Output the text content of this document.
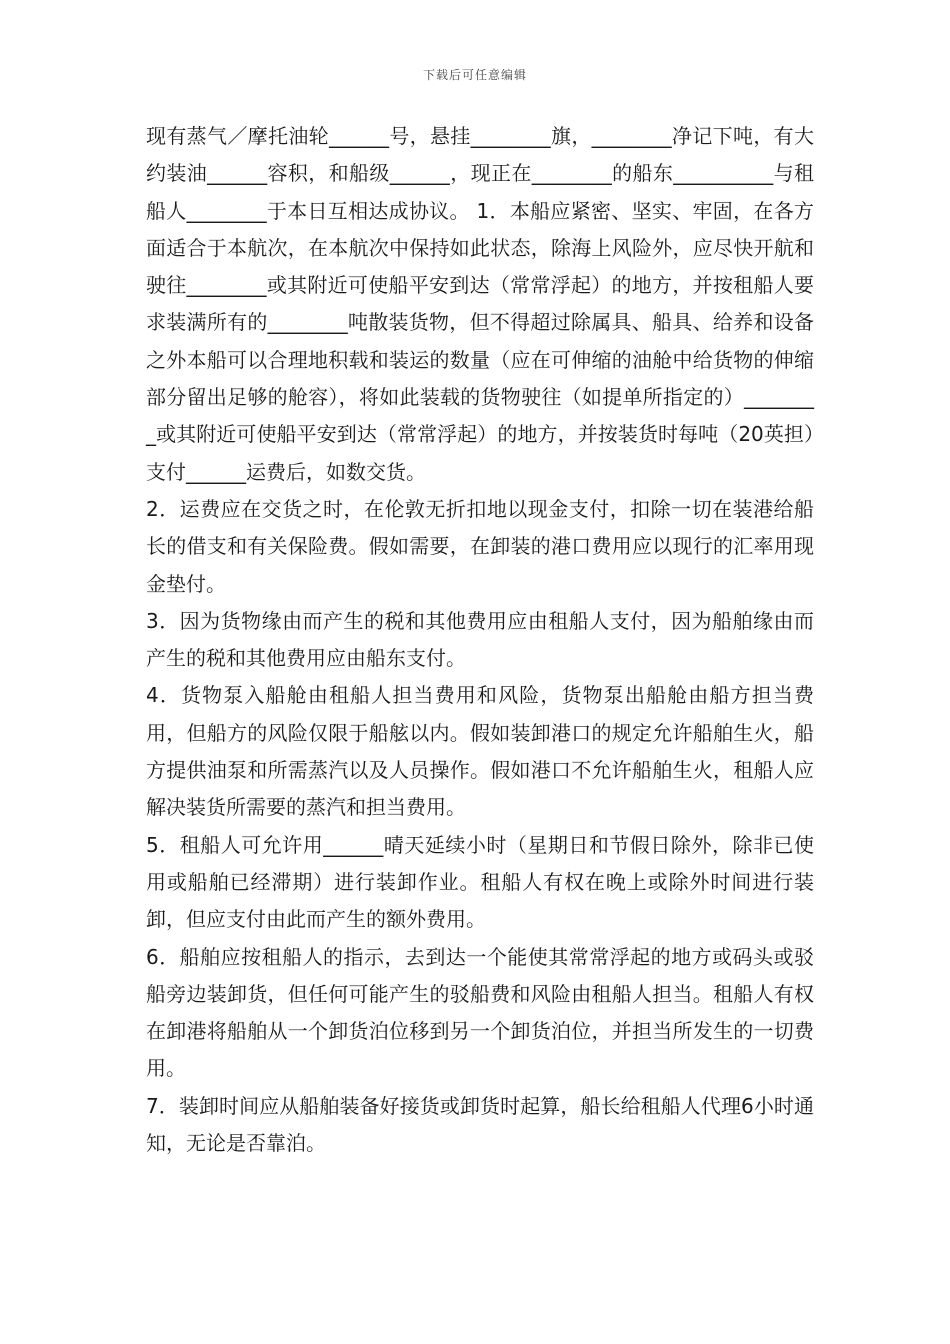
下载后可任意编辑

现有蒸气／摩托油轮______号，悬挂________旗，________净记下吨，有大约装油______容积，和船级______，现正在________的船东__________与租船人________于本日互相达成协议。 1．本船应紧密、坚实、牢固，在各方面适合于本航次，在本航次中保持如此状态，除海上风险外，应尽快开航和驶往________或其附近可使船平安到达（常常浮起）的地方，并按租船人要求装满所有的________吨散装货物，但不得超过除属具、船具、给养和设备之外本船可以合理地积载和装运的数量（应在可伸缩的油舱中给货物的伸缩部分留出足够的舱容），将如此装载的货物驶往（如提单所指定的）________或其附近可使船平安到达（常常浮起）的地方，并按装货时每吨（20英担）支付______运费后，如数交货。

2．运费应在交货之时，在伦敦无折扣地以现金支付，扣除一切在装港给船长的借支和有关保险费。假如需要，在卸装的港口费用应以现行的汇率用现金垫付。

3．因为货物缘由而产生的税和其他费用应由租船人支付，因为船舶缘由而产生的税和其他费用应由船东支付。

4．货物泵入船舱由租船人担当费用和风险，货物泵出船舱由船方担当费用，但船方的风险仅限于船舷以内。假如装卸港口的规定允许船舶生火，船方提供油泵和所需蒸汽以及人员操作。假如港口不允许船舶生火，租船人应解决装货所需要的蒸汽和担当费用。

5．租船人可允许用______晴天延续小时（星期日和节假日除外，除非已使用或船舶已经滞期）进行装卸作业。租船人有权在晚上或除外时间进行装卸，但应支付由此而产生的额外费用。

6．船舶应按租船人的指示，去到达一个能使其常常浮起的地方或码头或驳船旁边装卸货，但任何可能产生的驳船费和风险由租船人担当。租船人有权在卸港将船舶从一个卸货泊位移到另一个卸货泊位，并担当所发生的一切费用。

7．装卸时间应从船舶装备好接货或卸货时起算，船长给租船人代理6小时通知，无论是否靠泊。
